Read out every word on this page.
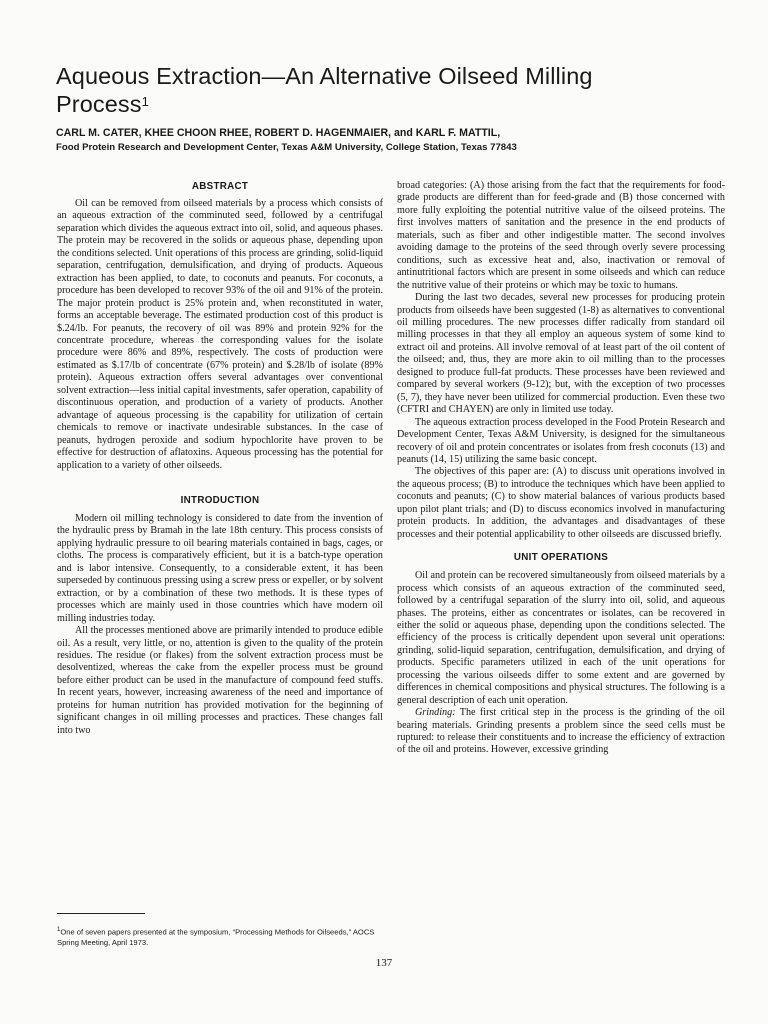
Aqueous Extraction—An Alternative Oilseed Milling
Process$^1$
CARL M. CATER, KHEE CHOON RHEE, ROBERT D. HAGENMAIER, and KARL F. MATTIL,
Food Protein Research and Development Center, Texas A&M University, College Station, Texas 77843
ABSTRACT

Oil can be removed from oilseed materials by a process which consists of an aqueous extraction of the comminuted seed, followed by a centrifugal separation which divides the aqueous extract into oil, solid, and aqueous phases. The protein may be recovered in the solids or aqueous phase, depending upon the conditions selected. Unit operations of this process are grinding, solid-liquid separation, centrifugation, demulsification, and drying of products. Aqueous extraction has been applied, to date, to coconuts and peanuts. For coconuts, a procedure has been developed to recover 93% of the oil and 91% of the protein. The major protein product is 25% protein and, when reconstituted in water, forms an acceptable beverage. The estimated production cost of this product is $.24/lb. For peanuts, the recovery of oil was 89% and protein 92% for the concentrate procedure, whereas the corresponding values for the isolate procedure were 86% and 89%, respectively. The costs of production were estimated as $.17/lb of concentrate (67% protein) and $.28/lb of isolate (89% protein). Aqueous extraction offers several advantages over conventional solvent extraction—less initial capital investments, safer operation, capability of discontinuous operation, and production of a variety of products. Another advantage of aqueous processing is the capability for utilization of certain chemicals to remove or inactivate undesirable substances. In the case of peanuts, hydrogen peroxide and sodium hypochlorite have proven to be effective for destruction of aflatoxins. Aqueous processing has the potential for application to a variety of other oilseeds.

INTRODUCTION

Modern oil milling technology is considered to date from the invention of the hydraulic press by Bramah in the late 18th century. This process consists of applying hydraulic pressure to oil bearing materials contained in bags, cages, or cloths. The process is comparatively efficient, but it is a batch-type operation and is labor intensive. Consequently, to a considerable extent, it has been superseded by continuous pressing using a screw press or expeller, or by solvent extraction, or by a combination of these two methods. It is these types of processes which are mainly used in those countries which have modern oil milling industries today.

All the processes mentioned above are primarily intended to produce edible oil. As a result, very little, or no, attention is given to the quality of the protein residues. The residue (or flakes) from the solvent extraction process must be desolventized, whereas the cake from the expeller process must be ground before either product can be used in the manufacture of compound feed stuffs. In recent years, however, increasing awareness of the need and importance of proteins for human nutrition has provided motivation for the beginning of significant changes in oil milling processes and practices. These changes fall into two

broad categories: (A) those arising from the fact that the requirements for food-grade products are different than for feed-grade and (B) those concerned with more fully exploiting the potential nutritive value of the oilseed proteins. The first involves matters of sanitation and the presence in the end products of materials, such as fiber and other indigestible matter. The second involves avoiding damage to the proteins of the seed through overly severe processing conditions, such as excessive heat and, also, inactivation or removal of antinutritional factors which are present in some oilseeds and which can reduce the nutritive value of their proteins or which may be toxic to humans.

During the last two decades, several new processes for producing protein products from oilseeds have been suggested (1-8) as alternatives to conventional oil milling procedures. The new processes differ radically from standard oil milling processes in that they all employ an aqueous system of some kind to extract oil and proteins. All involve removal of at least part of the oil content of the oilseed; and, thus, they are more akin to oil milling than to the processes designed to produce full-fat products. These processes have been reviewed and compared by several workers (9-12); but, with the exception of two processes (5, 7), they have never been utilized for commercial production. Even these two (CFTRI and CHAYEN) are only in limited use today.

The aqueous extraction process developed in the Food Protein Research and Development Center, Texas A&M University, is designed for the simultaneous recovery of oil and protein concentrates or isolates from fresh coconuts (13) and peanuts (14, 15) utilizing the same basic concept.

The objectives of this paper are: (A) to discuss unit operations involved in the aqueous process; (B) to introduce the techniques which have been applied to coconuts and peanuts; (C) to show material balances of various products based upon pilot plant trials; and (D) to discuss economics involved in manufacturing protein products. In addition, the advantages and disadvantages of these processes and their potential applicability to other oilseeds are discussed briefly.

UNIT OPERATIONS

Oil and protein can be recovered simultaneously from oilseed materials by a process which consists of an aqueous extraction of the comminuted seed, followed by a centrifugal separation of the slurry into oil, solid, and aqueous phases. The proteins, either as concentrates or isolates, can be recovered in either the solid or aqueous phase, depending upon the conditions selected. The efficiency of the process is critically dependent upon several unit operations: grinding, solid-liquid separation, centrifugation, demulsification, and drying of products. Specific parameters utilized in each of the unit operations for processing the various oilseeds differ to some extent and are governed by differences in chemical compositions and physical structures. The following is a general description of each unit operation.

Grinding: The first critical step in the process is the grinding of the oil bearing materials. Grinding presents a problem since the seed cells must be ruptured: to release their constituents and to increase the efficiency of extraction of the oil and proteins. However, excessive grinding

$^1$One of seven papers presented at the symposium, “Processing Methods for Oilseeds,” AOCS Spring Meeting, April 1973.
137
